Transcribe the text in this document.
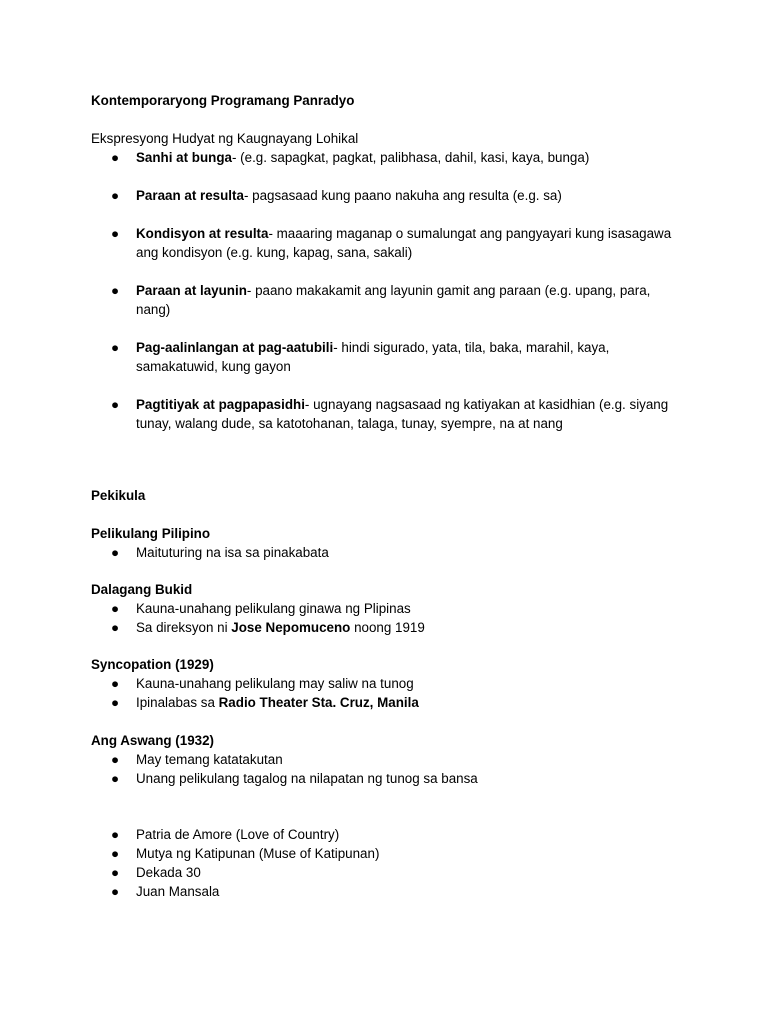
Kontemporaryong Programang Panradyo
Ekspresyong Hudyat ng Kaugnayang Lohikal
● Sanhi at bunga- (e.g. sapagkat, pagkat, palibhasa, dahil, kasi, kaya, bunga)
● Paraan at resulta- pagsasaad kung paano nakuha ang resulta (e.g. sa)
● Kondisyon at resulta- maaaring maganap o sumalungat ang pangyayari kung isasagawa ang kondisyon (e.g. kung, kapag, sana, sakali)
● Paraan at layunin- paano makakamit ang layunin gamit ang paraan (e.g. upang, para, nang)
● Pag-aalinlangan at pag-aatubili- hindi sigurado, yata, tila, baka, marahil, kaya, samakatuwid, kung gayon
● Pagtitiyak at pagpapasidhi- ugnayang nagsasaad ng katiyakan at kasidhian (e.g. siyang tunay, walang dude, sa katotohanan, talaga, tunay, syempre, na at nang
Pekikula
Pelikulang Pilipino
● Maituturing na isa sa pinakabata
Dalagang Bukid
● Kauna-unahang pelikulang ginawa ng Plipinas
● Sa direksyon ni Jose Nepomuceno noong 1919
Syncopation (1929)
● Kauna-unahang pelikulang may saliw na tunog
● Ipinalabas sa Radio Theater Sta. Cruz, Manila
Ang Aswang (1932)
● May temang katatakutan
● Unang pelikulang tagalog na nilapatan ng tunog sa bansa
● Patria de Amore (Love of Country)
● Mutya ng Katipunan (Muse of Katipunan)
● Dekada 30
● Juan Mansala
